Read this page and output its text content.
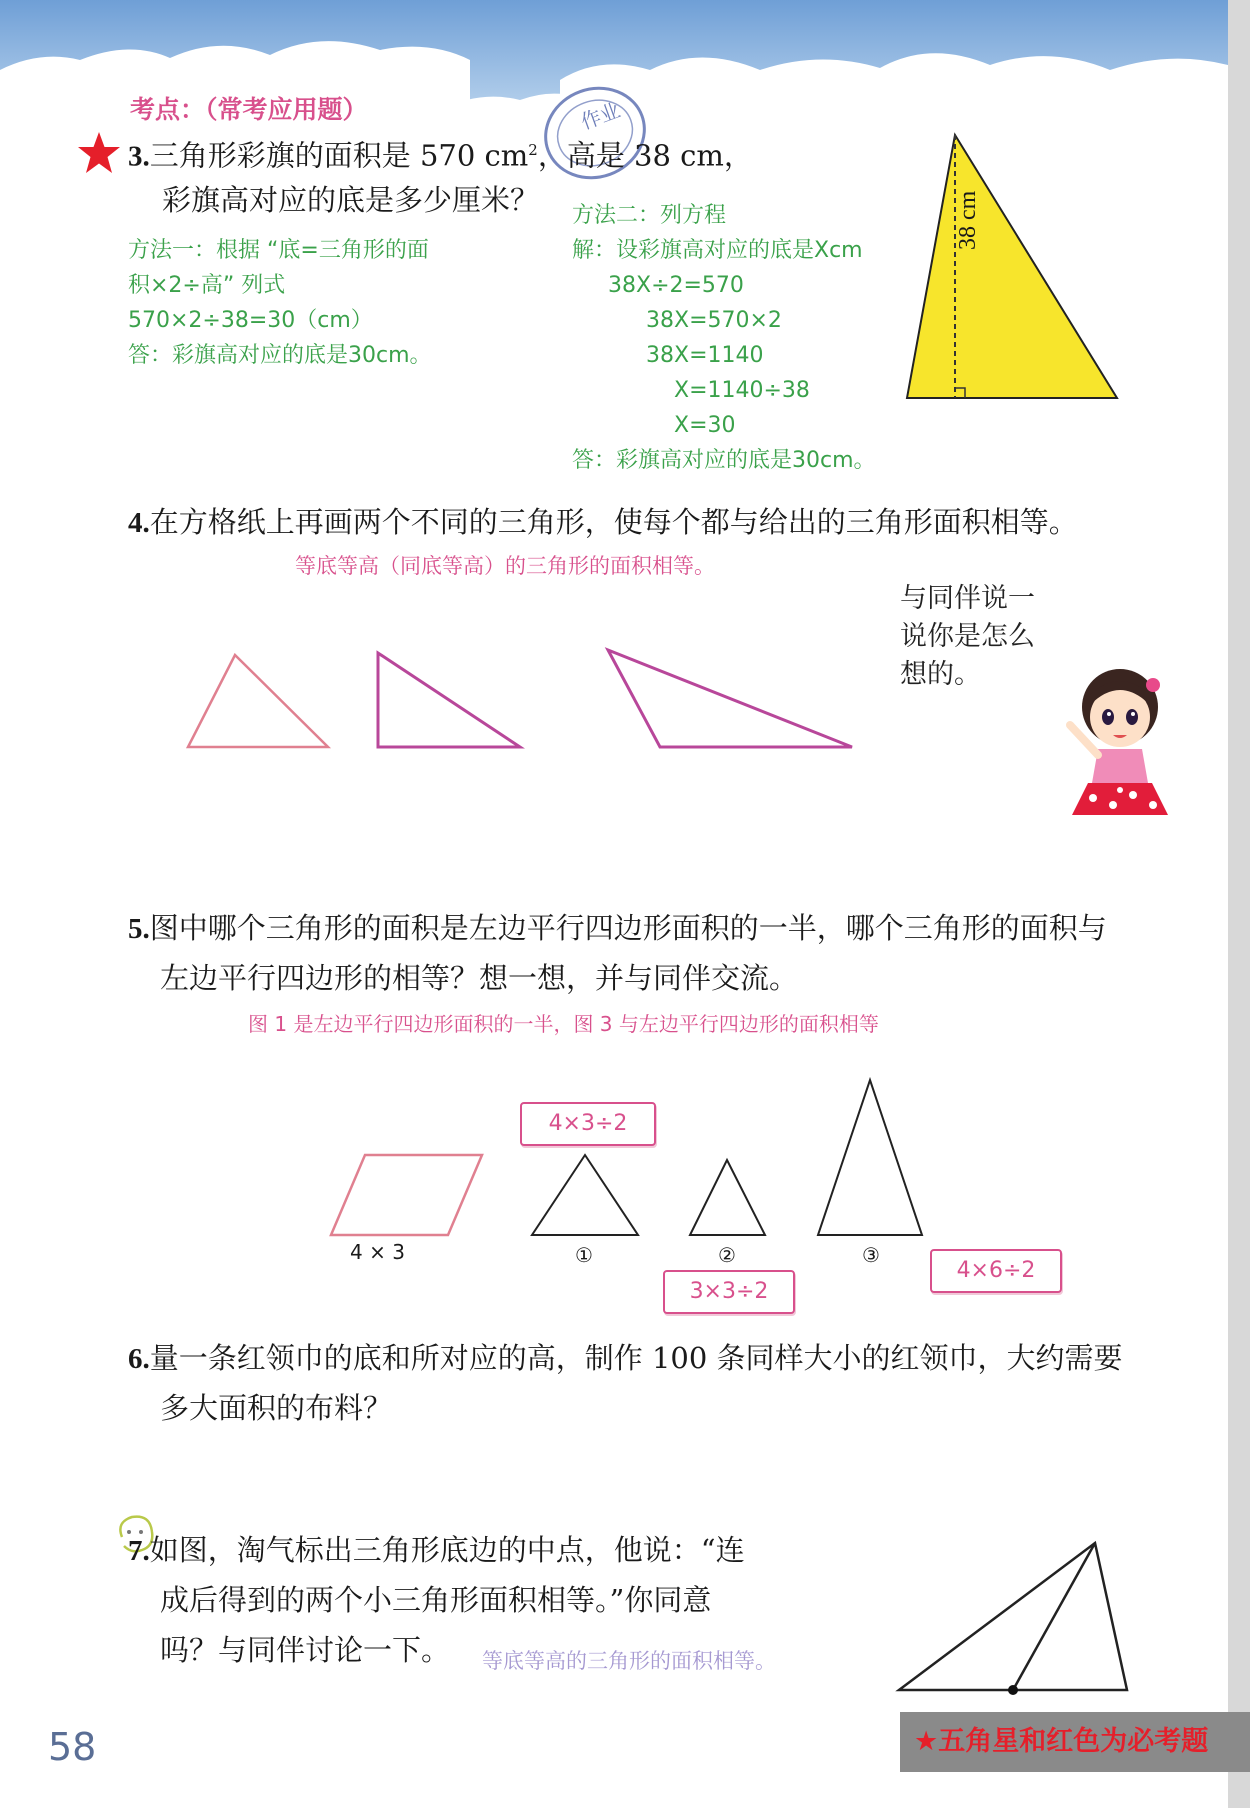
考点：（常考应用题）	作业

3.三角形彩旗的面积是 570 $cm^2$，高是 38 cm，

彩旗高对应的底是多少厘米？

方法一：根据 “底=三角形的面
积×2÷高” 列式
570×2÷38=30（cm）
答：彩旗高对应的底是30cm。
方法二：列方程
解：设彩旗高对应的底是Xcm
38X÷2=570
38X=570×2
38X=1140
X=1140÷38
X=30
答：彩旗高对应的底是30cm。

38 cm

4.在方格纸上再画两个不同的三角形，使每个都与给出的三角形面积相等。

等底等高（同底等高）的三角形的面积相等。

与同伴说一
说你是怎么
想的。

5.图中哪个三角形的面积是左边平行四边形面积的一半，哪个三角形的面积与

左边平行四边形的相等？想一想，并与同伴交流。

图 1 是左边平行四边形面积的一半，图 3 与左边平行四边形的面积相等

4 × 3	①	②	③

4×3÷2
3×3÷2
4×6÷2

6.量一条红领巾的底和所对应的高，制作 100 条同样大小的红领巾，大约需要

多大面积的布料？

7.如图，淘气标出三角形底边的中点，他说：“连

成后得到的两个小三角形面积相等。”你同意

吗？与同伴讨论一下。 等底等高的三角形的面积相等。

58	★五角星和红色为必考题
